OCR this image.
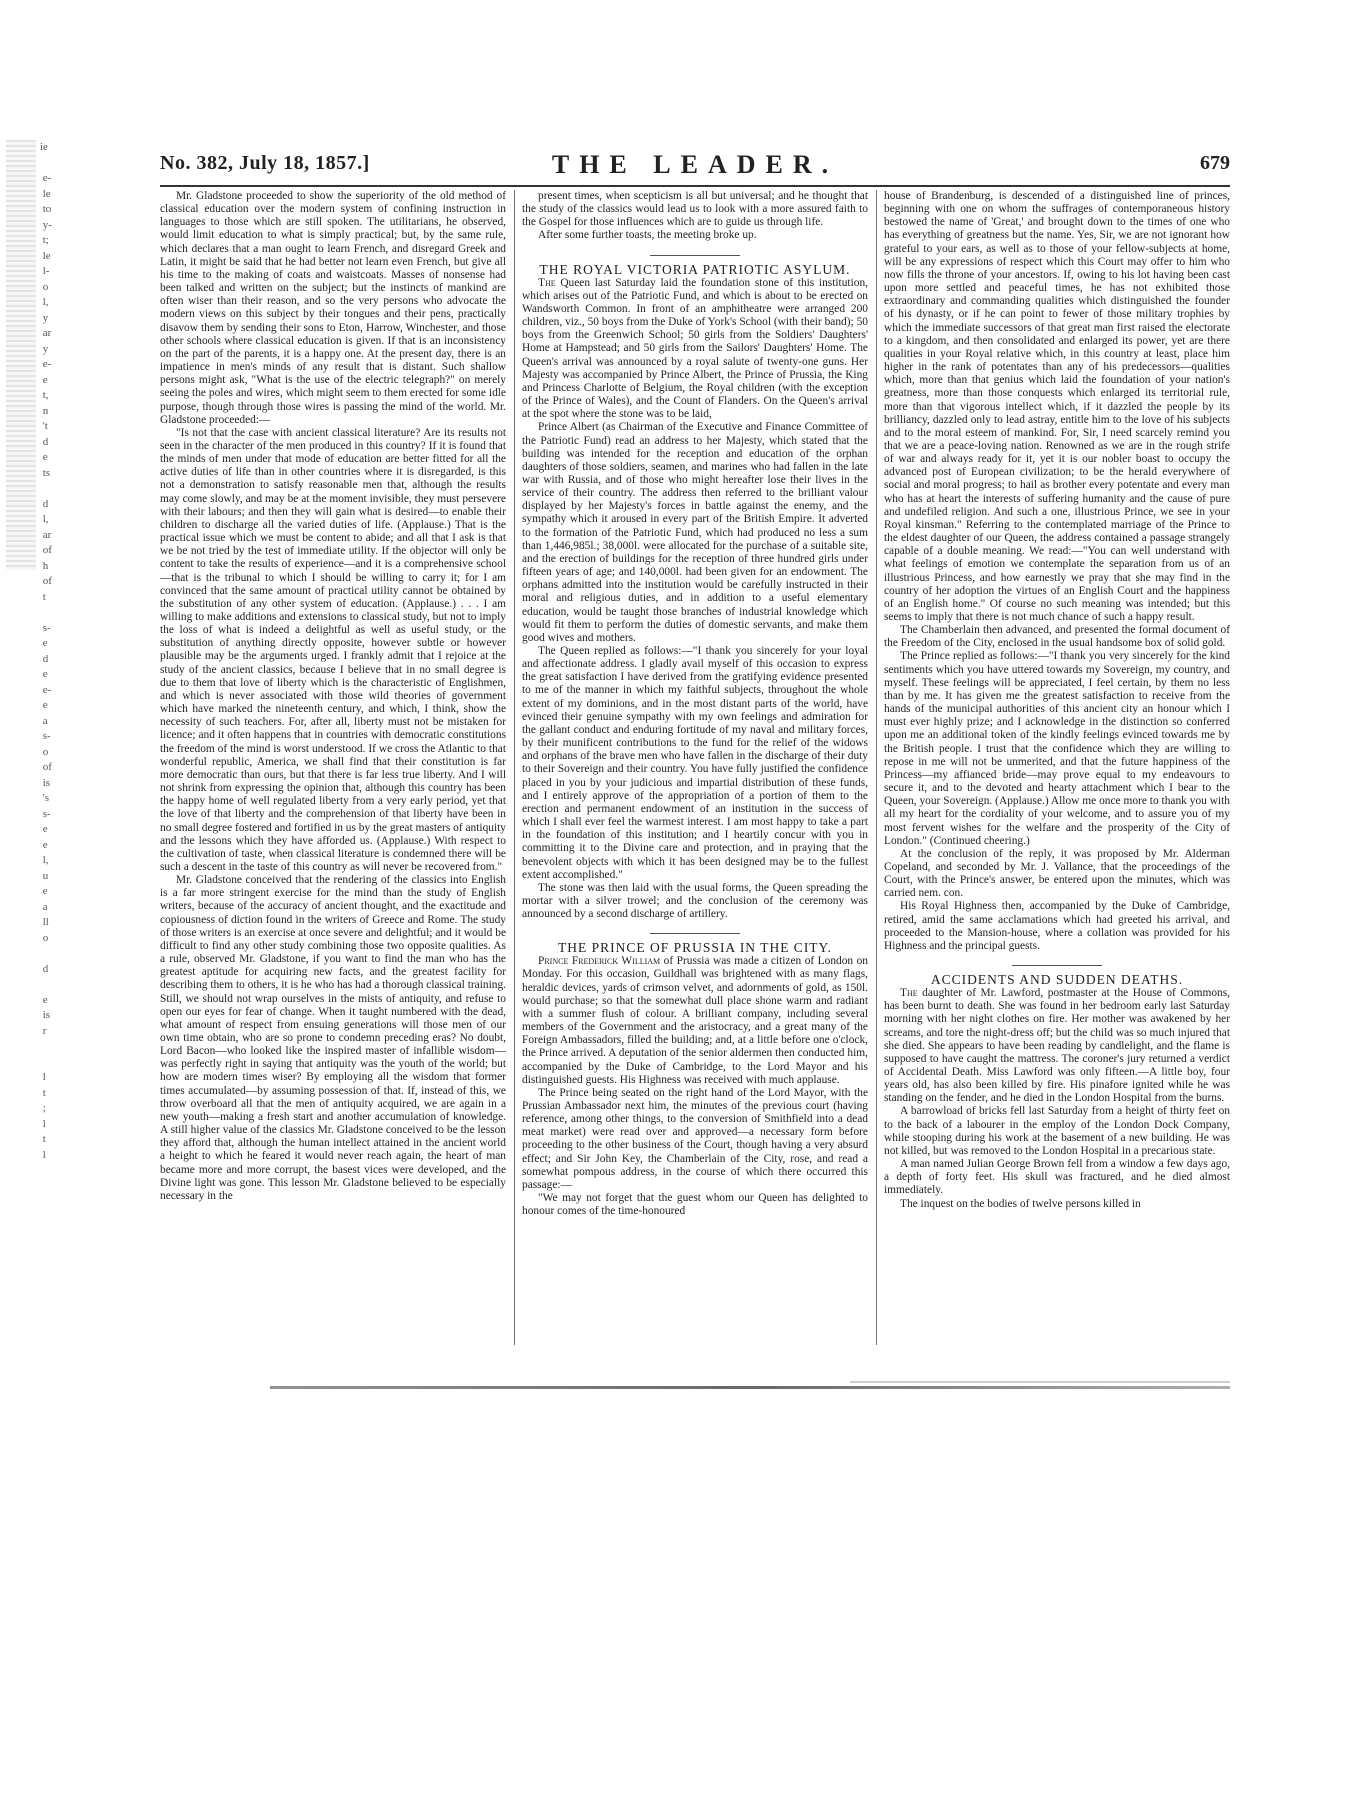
ie

e-
le
to
y-
t;
le
l-
o
l,
y
ar
y
e-
e
t,
n
't
d
e
ts

d
l,
ar
of
h
of
t

s-
e
d
e
e-
e
a
s-
o
of
is
's
s-
e
e
l,
u
e
a
ll
o

d

e
is
r

l
t
;
l
t
l
No. 382, July 18, 1857.]	THE LEADER.	679

Mr. Gladstone proceeded to show the superiority of the old method of classical education over the modern system of confining instruction in languages to those which are still spoken. The utilitarians, he observed, would limit education to what is simply practical; but, by the same rule, which declares that a man ought to learn French, and disregard Greek and Latin, it might be said that he had better not learn even French, but give all his time to the making of coats and waistcoats. Masses of nonsense had been talked and written on the subject; but the instincts of mankind are often wiser than their reason, and so the very persons who advocate the modern views on this subject by their tongues and their pens, practically disavow them by sending their sons to Eton, Harrow, Winchester, and those other schools where classical education is given. If that is an inconsistency on the part of the parents, it is a happy one. At the present day, there is an impatience in men's minds of any result that is distant. Such shallow persons might ask, "What is the use of the electric telegraph?" on merely seeing the poles and wires, which might seem to them erected for some idle purpose, though through those wires is passing the mind of the world. Mr. Gladstone proceeded:—

"Is not that the case with ancient classical literature? Are its results not seen in the character of the men produced in this country? If it is found that the minds of men under that mode of education are better fitted for all the active duties of life than in other countries where it is disregarded, is this not a demonstration to satisfy reasonable men that, although the results may come slowly, and may be at the moment invisible, they must persevere with their labours; and then they will gain what is desired—to enable their children to discharge all the varied duties of life. (Applause.) That is the practical issue which we must be content to abide; and all that I ask is that we be not tried by the test of immediate utility. If the objector will only be content to take the results of experience—and it is a comprehensive school—that is the tribunal to which I should be willing to carry it; for I am convinced that the same amount of practical utility cannot be obtained by the substitution of any other system of education. (Applause.) . . . I am willing to make additions and extensions to classical study, but not to imply the loss of what is indeed a delightful as well as useful study, or the substitution of anything directly opposite, however subtle or however plausible may be the arguments urged. I frankly admit that I rejoice at the study of the ancient classics, because I believe that in no small degree is due to them that love of liberty which is the characteristic of Englishmen, and which is never associated with those wild theories of government which have marked the nineteenth century, and which, I think, show the necessity of such teachers. For, after all, liberty must not be mistaken for licence; and it often happens that in countries with democratic constitutions the freedom of the mind is worst understood. If we cross the Atlantic to that wonderful republic, America, we shall find that their constitution is far more democratic than ours, but that there is far less true liberty. And I will not shrink from expressing the opinion that, although this country has been the happy home of well regulated liberty from a very early period, yet that the love of that liberty and the comprehension of that liberty have been in no small degree fostered and fortified in us by the great masters of antiquity and the lessons which they have afforded us. (Applause.) With respect to the cultivation of taste, when classical literature is condemned there will be such a descent in the taste of this country as will never be recovered from."

Mr. Gladstone conceived that the rendering of the classics into English is a far more stringent exercise for the mind than the study of English writers, because of the accuracy of ancient thought, and the exactitude and copiousness of diction found in the writers of Greece and Rome. The study of those writers is an exercise at once severe and delightful; and it would be difficult to find any other study combining those two opposite qualities. As a rule, observed Mr. Gladstone, if you want to find the man who has the greatest aptitude for acquiring new facts, and the greatest facility for describing them to others, it is he who has had a thorough classical training. Still, we should not wrap ourselves in the mists of antiquity, and refuse to open our eyes for fear of change. When it taught numbered with the dead, what amount of respect from ensuing generations will those men of our own time obtain, who are so prone to condemn preceding eras? No doubt, Lord Bacon—who looked like the inspired master of infallible wisdom—was perfectly right in saying that antiquity was the youth of the world; but how are modern times wiser? By employing all the wisdom that former times accumulated—by assuming possession of that. If, instead of this, we throw overboard all that the men of antiquity acquired, we are again in a new youth—making a fresh start and another accumulation of knowledge. A still higher value of the classics Mr. Gladstone conceived to be the lesson they afford that, although the human intellect attained in the ancient world a height to which he feared it would never reach again, the heart of man became more and more corrupt, the basest vices were developed, and the Divine light was gone. This lesson Mr. Gladstone believed to be especially necessary in the

present times, when scepticism is all but universal; and he thought that the study of the classics would lead us to look with a more assured faith to the Gospel for those influences which are to guide us through life.

After some further toasts, the meeting broke up.

THE ROYAL VICTORIA PATRIOTIC ASYLUM.

The Queen last Saturday laid the foundation stone of this institution, which arises out of the Patriotic Fund, and which is about to be erected on Wandsworth Common. In front of an amphitheatre were arranged 200 children, viz., 50 boys from the Duke of York's School (with their band); 50 boys from the Greenwich School; 50 girls from the Soldiers' Daughters' Home at Hampstead; and 50 girls from the Sailors' Daughters' Home. The Queen's arrival was announced by a royal salute of twenty-one guns. Her Majesty was accompanied by Prince Albert, the Prince of Prussia, the King and Princess Charlotte of Belgium, the Royal children (with the exception of the Prince of Wales), and the Count of Flanders. On the Queen's arrival at the spot where the stone was to be laid,

Prince Albert (as Chairman of the Executive and Finance Committee of the Patriotic Fund) read an address to her Majesty, which stated that the building was intended for the reception and education of the orphan daughters of those soldiers, seamen, and marines who had fallen in the late war with Russia, and of those who might hereafter lose their lives in the service of their country. The address then referred to the brilliant valour displayed by her Majesty's forces in battle against the enemy, and the sympathy which it aroused in every part of the British Empire. It adverted to the formation of the Patriotic Fund, which had produced no less a sum than 1,446,985l.; 38,000l. were allocated for the purchase of a suitable site, and the erection of buildings for the reception of three hundred girls under fifteen years of age; and 140,000l. had been given for an endowment. The orphans admitted into the institution would be carefully instructed in their moral and religious duties, and in addition to a useful elementary education, would be taught those branches of industrial knowledge which would fit them to perform the duties of domestic servants, and make them good wives and mothers.

The Queen replied as follows:—"I thank you sincerely for your loyal and affectionate address. I gladly avail myself of this occasion to express the great satisfaction I have derived from the gratifying evidence presented to me of the manner in which my faithful subjects, throughout the whole extent of my dominions, and in the most distant parts of the world, have evinced their genuine sympathy with my own feelings and admiration for the gallant conduct and enduring fortitude of my naval and military forces, by their munificent contributions to the fund for the relief of the widows and orphans of the brave men who have fallen in the discharge of their duty to their Sovereign and their country. You have fully justified the confidence placed in you by your judicious and impartial distribution of these funds, and I entirely approve of the appropriation of a portion of them to the erection and permanent endowment of an institution in the success of which I shall ever feel the warmest interest. I am most happy to take a part in the foundation of this institution; and I heartily concur with you in committing it to the Divine care and protection, and in praying that the benevolent objects with which it has been designed may be to the fullest extent accomplished."

The stone was then laid with the usual forms, the Queen spreading the mortar with a silver trowel; and the conclusion of the ceremony was announced by a second discharge of artillery.

THE PRINCE OF PRUSSIA IN THE CITY.

Prince Frederick William of Prussia was made a citizen of London on Monday. For this occasion, Guildhall was brightened with as many flags, heraldic devices, yards of crimson velvet, and adornments of gold, as 150l. would purchase; so that the somewhat dull place shone warm and radiant with a summer flush of colour. A brilliant company, including several members of the Government and the aristocracy, and a great many of the Foreign Ambassadors, filled the building; and, at a little before one o'clock, the Prince arrived. A deputation of the senior aldermen then conducted him, accompanied by the Duke of Cambridge, to the Lord Mayor and his distinguished guests. His Highness was received with much applause.

The Prince being seated on the right hand of the Lord Mayor, with the Prussian Ambassador next him, the minutes of the previous court (having reference, among other things, to the conversion of Smithfield into a dead meat market) were read over and approved—a necessary form before proceeding to the other business of the Court, though having a very absurd effect; and Sir John Key, the Chamberlain of the City, rose, and read a somewhat pompous address, in the course of which there occurred this passage:—

"We may not forget that the guest whom our Queen has delighted to honour comes of the time-honoured

house of Brandenburg, is descended of a distinguished line of princes, beginning with one on whom the suffrages of contemporaneous history bestowed the name of 'Great,' and brought down to the times of one who has everything of greatness but the name. Yes, Sir, we are not ignorant how grateful to your ears, as well as to those of your fellow-subjects at home, will be any expressions of respect which this Court may offer to him who now fills the throne of your ancestors. If, owing to his lot having been cast upon more settled and peaceful times, he has not exhibited those extraordinary and commanding qualities which distinguished the founder of his dynasty, or if he can point to fewer of those military trophies by which the immediate successors of that great man first raised the electorate to a kingdom, and then consolidated and enlarged its power, yet are there qualities in your Royal relative which, in this country at least, place him higher in the rank of potentates than any of his predecessors—qualities which, more than that genius which laid the foundation of your nation's greatness, more than those conquests which enlarged its territorial rule, more than that vigorous intellect which, if it dazzled the people by its brilliancy, dazzled only to lead astray, entitle him to the love of his subjects and to the moral esteem of mankind. For, Sir, I need scarcely remind you that we are a peace-loving nation. Renowned as we are in the rough strife of war and always ready for it, yet it is our nobler boast to occupy the advanced post of European civilization; to be the herald everywhere of social and moral progress; to hail as brother every potentate and every man who has at heart the interests of suffering humanity and the cause of pure and undefiled religion. And such a one, illustrious Prince, we see in your Royal kinsman." Referring to the contemplated marriage of the Prince to the eldest daughter of our Queen, the address contained a passage strangely capable of a double meaning. We read:—"You can well understand with what feelings of emotion we contemplate the separation from us of an illustrious Princess, and how earnestly we pray that she may find in the country of her adoption the virtues of an English Court and the happiness of an English home." Of course no such meaning was intended; but this seems to imply that there is not much chance of such a happy result.

The Chamberlain then advanced, and presented the formal document of the Freedom of the City, enclosed in the usual handsome box of solid gold.

The Prince replied as follows:—"I thank you very sincerely for the kind sentiments which you have uttered towards my Sovereign, my country, and myself. These feelings will be appreciated, I feel certain, by them no less than by me. It has given me the greatest satisfaction to receive from the hands of the municipal authorities of this ancient city an honour which I must ever highly prize; and I acknowledge in the distinction so conferred upon me an additional token of the kindly feelings evinced towards me by the British people. I trust that the confidence which they are willing to repose in me will not be unmerited, and that the future happiness of the Princess—my affianced bride—may prove equal to my endeavours to secure it, and to the devoted and hearty attachment which I bear to the Queen, your Sovereign. (Applause.) Allow me once more to thank you with all my heart for the cordiality of your welcome, and to assure you of my most fervent wishes for the welfare and the prosperity of the City of London." (Continued cheering.)

At the conclusion of the reply, it was proposed by Mr. Alderman Copeland, and seconded by Mr. J. Vallance, that the proceedings of the Court, with the Prince's answer, be entered upon the minutes, which was carried nem. con.

His Royal Highness then, accompanied by the Duke of Cambridge, retired, amid the same acclamations which had greeted his arrival, and proceeded to the Mansion-house, where a collation was provided for his Highness and the principal guests.

ACCIDENTS AND SUDDEN DEATHS.

The daughter of Mr. Lawford, postmaster at the House of Commons, has been burnt to death. She was found in her bedroom early last Saturday morning with her night clothes on fire. Her mother was awakened by her screams, and tore the night-dress off; but the child was so much injured that she died. She appears to have been reading by candlelight, and the flame is supposed to have caught the mattress. The coroner's jury returned a verdict of Accidental Death. Miss Lawford was only fifteen.—A little boy, four years old, has also been killed by fire. His pinafore ignited while he was standing on the fender, and he died in the London Hospital from the burns.

A barrowload of bricks fell last Saturday from a height of thirty feet on to the back of a labourer in the employ of the London Dock Company, while stooping during his work at the basement of a new building. He was not killed, but was removed to the London Hospital in a precarious state.

A man named Julian George Brown fell from a window a few days ago, a depth of forty feet. His skull was fractured, and he died almost immediately.

The inquest on the bodies of twelve persons killed in
